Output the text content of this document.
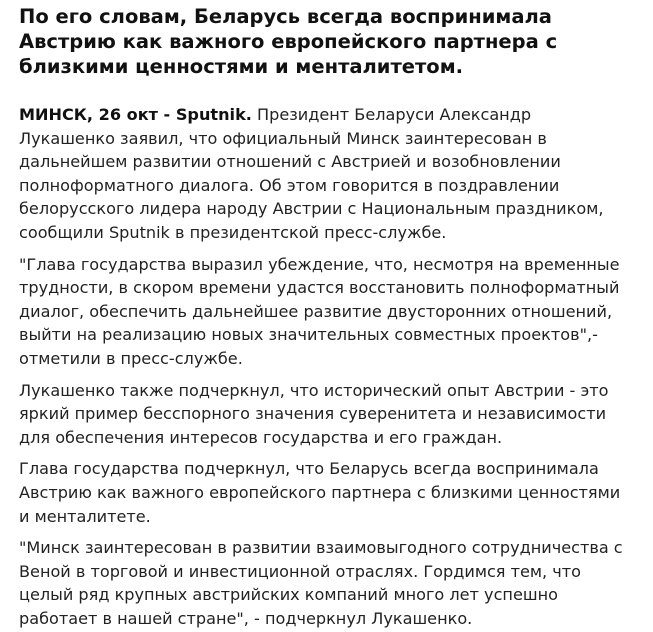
По его словам, Беларусь всегда воспринимала Австрию как важного европейского партнера с близкими ценностями и менталитетом.

МИНСК, 26 окт - Sputnik. Президент Беларуси Александр Лукашенко заявил, что официальный Минск заинтересован в дальнейшем развитии отношений с Австрией и возобновлении полноформатного диалога. Об этом говорится в поздравлении белорусского лидера народу Австрии с Национальным праздником, сообщили Sputnik в президентской пресс-службе.

"Глава государства выразил убеждение, что, несмотря на временные трудности, в скором времени удастся восстановить полноформатный диалог, обеспечить дальнейшее развитие двусторонних отношений, выйти на реализацию новых значительных совместных проектов",- отметили в пресс-службе.

Лукашенко также подчеркнул, что исторический опыт Австрии - это яркий пример бесспорного значения суверенитета и независимости для обеспечения интересов государства и его граждан.

Глава государства подчеркнул, что Беларусь всегда воспринимала Австрию как важного европейского партнера с близкими ценностями и менталитете.

"Минск заинтересован в развитии взаимовыгодного сотрудничества с Веной в торговой и инвестиционной отраслях. Гордимся тем, что целый ряд крупных австрийских компаний много лет успешно работает в нашей стране", - подчеркнул Лукашенко.
